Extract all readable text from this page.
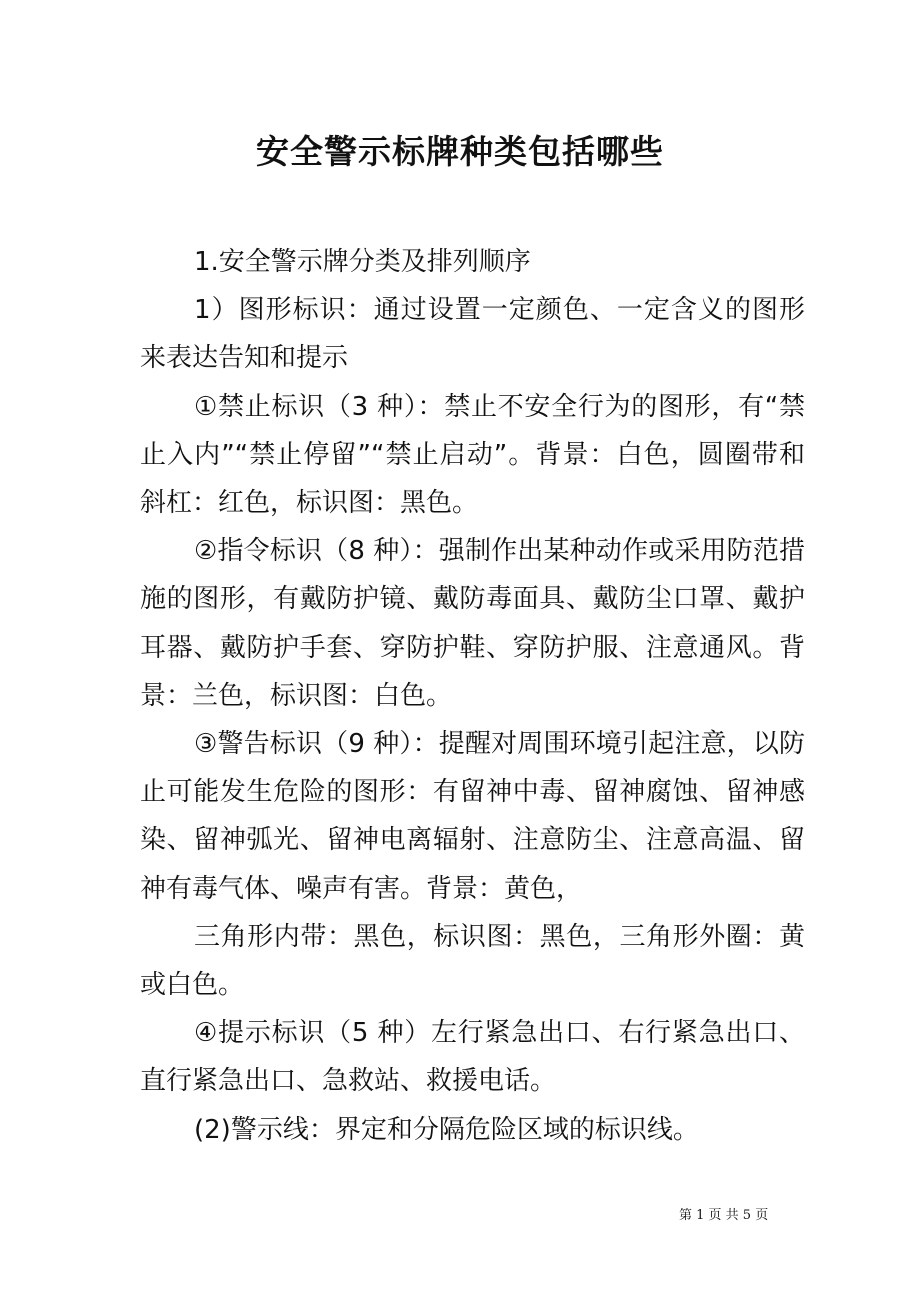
安全警示标牌种类包括哪些

1.安全警示牌分类及排列顺序

1）图形标识：通过设置一定颜色、一定含义的图形来表达告知和提示

①禁止标识（3 种）：禁止不安全行为的图形，有“禁止入内”“禁止停留”“禁止启动”。背景：白色，圆圈带和斜杠：红色，标识图：黑色。

②指令标识（8 种）：强制作出某种动作或采用防范措施的图形，有戴防护镜、戴防毒面具、戴防尘口罩、戴护耳器、戴防护手套、穿防护鞋、穿防护服、注意通风。背景：兰色，标识图：白色。

③警告标识（9 种）：提醒对周围环境引起注意，以防止可能发生危险的图形：有留神中毒、留神腐蚀、留神感染、留神弧光、留神电离辐射、注意防尘、注意高温、留神有毒气体、噪声有害。背景：黄色，

三角形内带：黑色，标识图：黑色，三角形外圈：黄或白色。

④提示标识（5 种）左行紧急出口、右行紧急出口、直行紧急出口、急救站、救援电话。

(2)警示线：界定和分隔危险区域的标识线。

第 1 页 共 5 页
